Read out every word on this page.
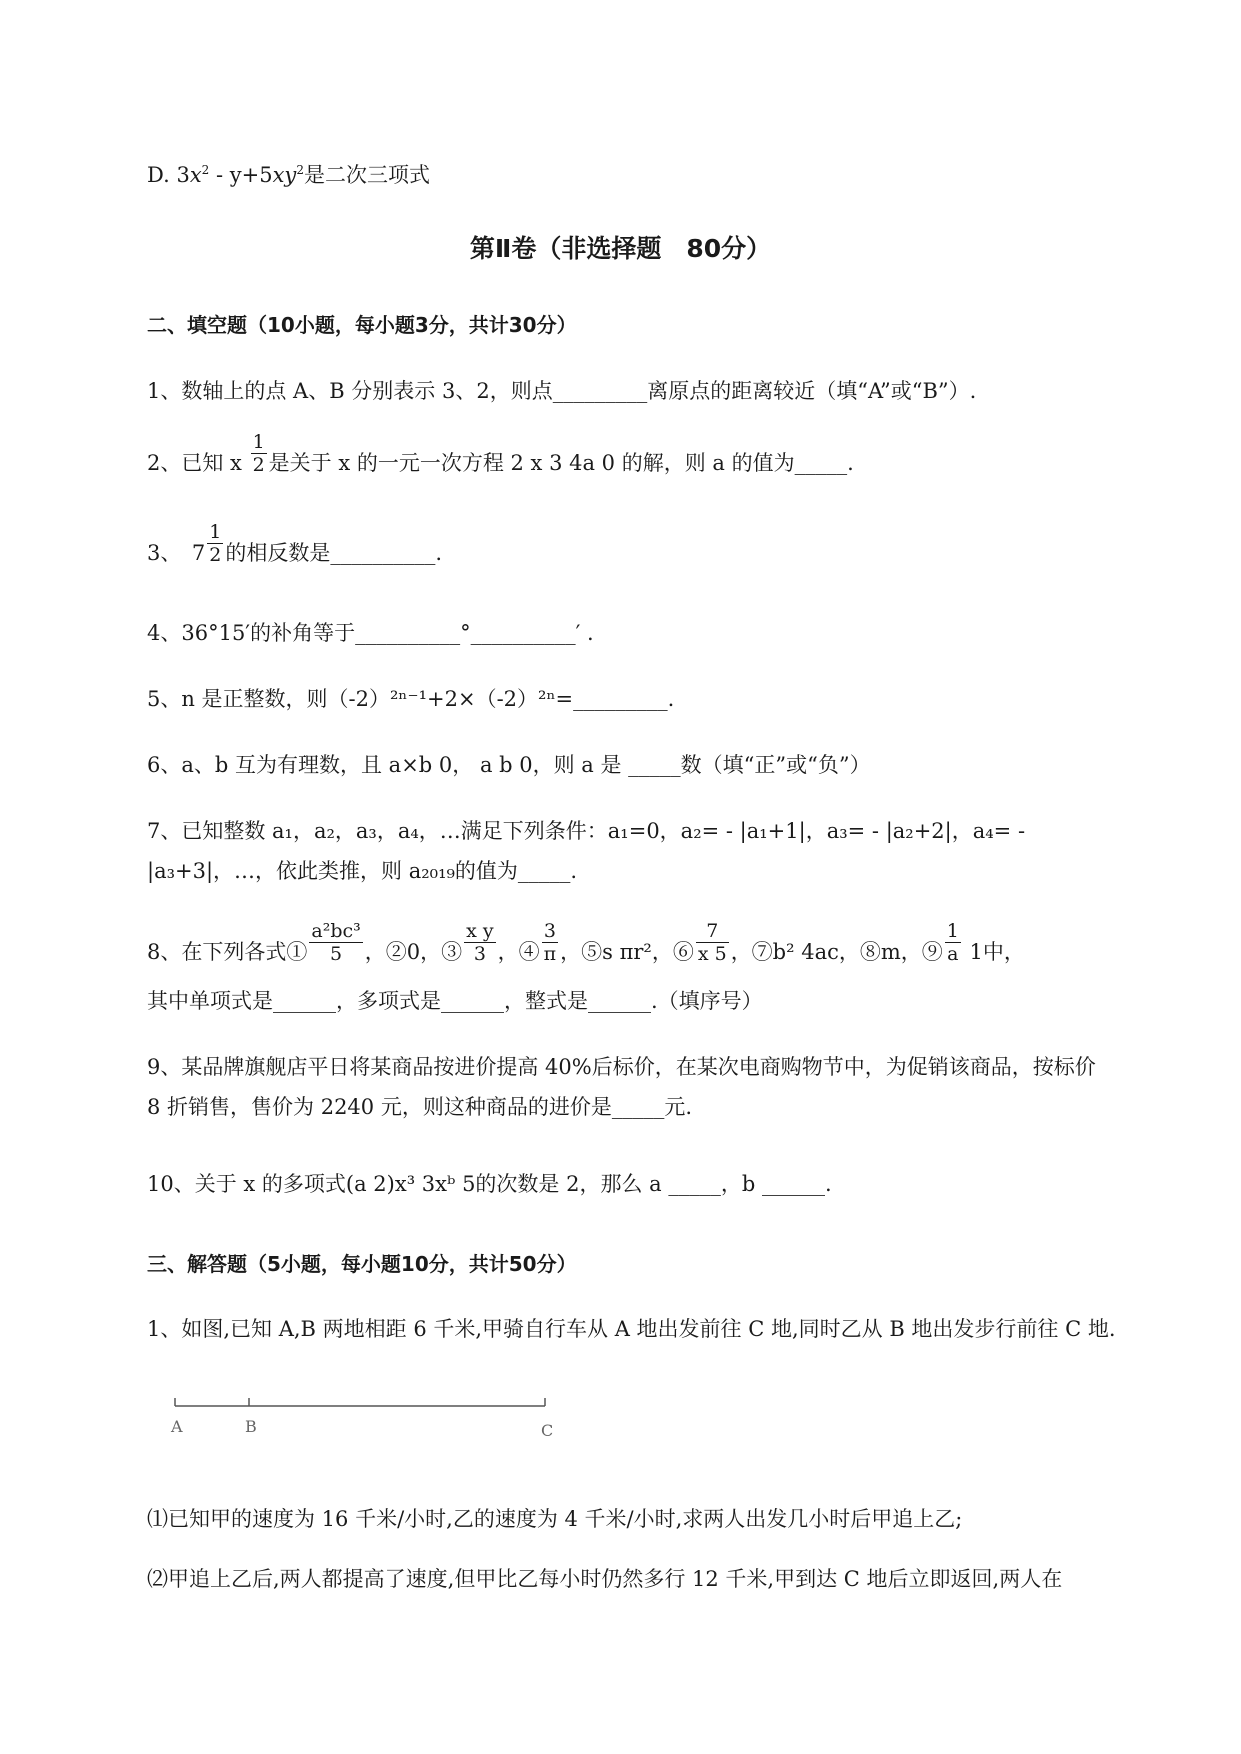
D. $3x^2 - y+5xy^2$是二次三项式
第Ⅱ卷（非选择题　80分）
二、填空题（10小题，每小题3分，共计30分）
1、数轴上的点 A、B 分别表示 3、2，则点_________离原点的距离较近（填“A”或“B”）.
2、已知 x $\frac{1}{2}$ 是关于 x 的一元一次方程 2 x 3 4a 0 的解，则 a 的值为_____.
3、　$7 \frac{1}{2}$ 的相反数是__________.
4、36°15′的补角等于__________°__________′ .
5、n 是正整数，则（-2）²ⁿ⁻¹+2×（-2）²ⁿ=_________.
6、a、b 互为有理数，且 a×b 0， a b 0，则 a 是 _____数（填“正”或“负”）
7、已知整数 a₁，a₂，a₃，a₄，…满足下列条件：a₁=0，a₂= - |a₁+1|，a₃= - |a₂+2|，a₄= -
|a₃+3|，…，依此类推，则 a₂₀₁₉的值为_____.
8、在下列各式① $\frac{\text{a²bc³}}{5}$ ，②0，③ $\frac{\text{x y}}{3}$ ，④ $\frac{3}{\pi}$ ，⑤s πr²，⑥ $\frac{7}{x 5}$ ，⑦b² 4ac，⑧m，⑨ $\frac{1}{a} 1$中，
其中单项式是______，多项式是______，整式是______.（填序号）
9、某品牌旗舰店平日将某商品按进价提高 40%后标价，在某次电商购物节中，为促销该商品，按标价
8 折销售，售价为 2240 元，则这种商品的进价是_____元.
10、关于 x 的多项式(a 2)x³ 3xᵇ 5的次数是 2，那么 a _____，b ______.
三、解答题（5小题，每小题10分，共计50分）
1、如图,已知 A,B 两地相距 6 千米,甲骑自行车从 A 地出发前往 C 地,同时乙从 B 地出发步行前往 C 地.
A	B	C
⑴已知甲的速度为 16 千米/小时,乙的速度为 4 千米/小时,求两人出发几小时后甲追上乙;
⑵甲追上乙后,两人都提高了速度,但甲比乙每小时仍然多行 12 千米,甲到达 C 地后立即返回,两人在
